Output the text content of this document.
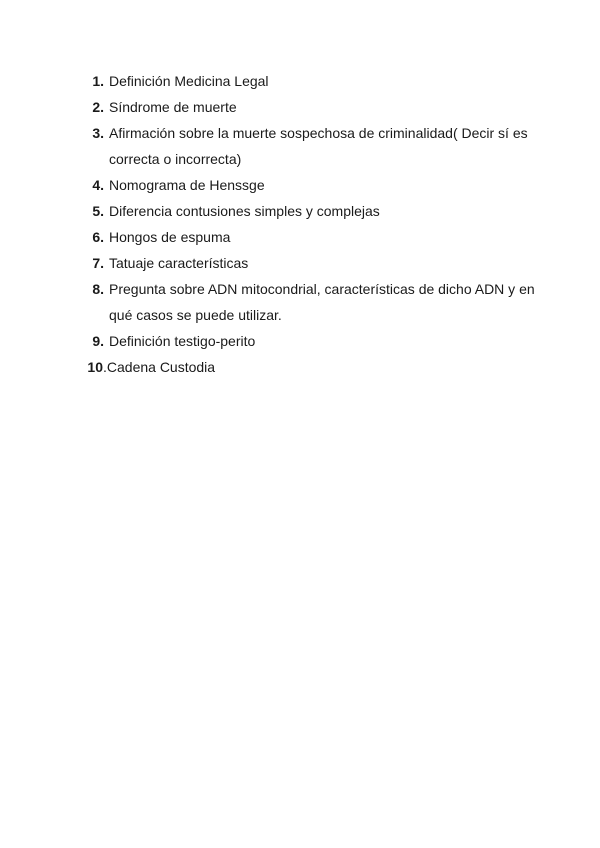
1. Definición Medicina Legal
2. Síndrome de muerte
3. Afirmación sobre la muerte sospechosa de criminalidad( Decir sí es correcta o incorrecta)
4. Nomograma de Henssge
5. Diferencia contusiones simples y complejas
6. Hongos de espuma
7. Tatuaje características
8. Pregunta sobre ADN mitocondrial, características de dicho ADN y en qué casos se puede utilizar.
9. Definición testigo-perito
10 .Cadena Custodia
